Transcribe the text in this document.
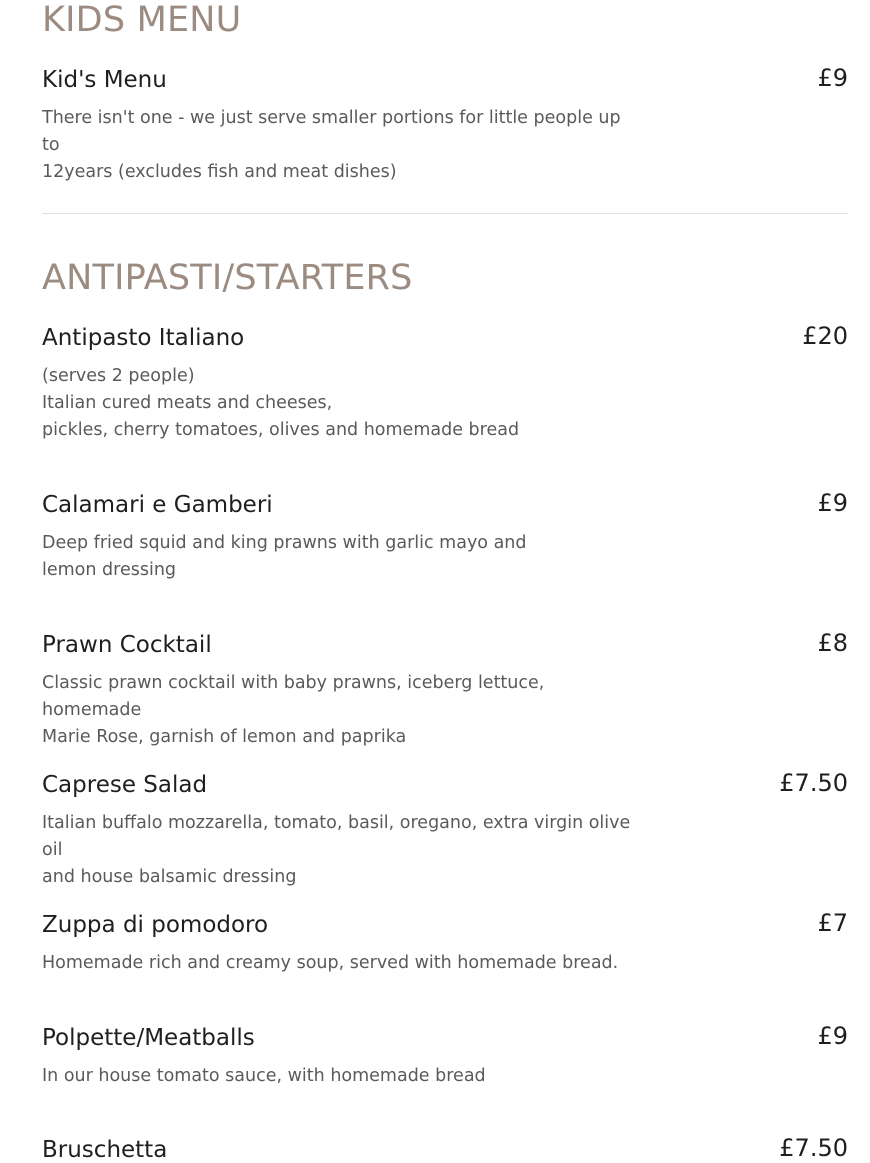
KIDS MENU
Kid's Menu	£9
There isn't one - we just serve smaller portions for little people up to
12years (excludes fish and meat dishes)
ANTIPASTI/STARTERS
Antipasto Italiano	£20
(serves 2 people)
Italian cured meats and cheeses,
pickles, cherry tomatoes, olives and homemade bread
Calamari e Gamberi	£9
Deep fried squid and king prawns with garlic mayo and
lemon dressing
Prawn Cocktail	£8
Classic prawn cocktail with baby prawns, iceberg lettuce, homemade
Marie Rose, garnish of lemon and paprika
Caprese Salad	£7.50
Italian buffalo mozzarella, tomato, basil, oregano, extra virgin olive oil
and house balsamic dressing
Zuppa di pomodoro	£7
Homemade rich and creamy soup, served with homemade bread.
Polpette/Meatballs	£9
In our house tomato sauce, with homemade bread
Bruschetta	£7.50
